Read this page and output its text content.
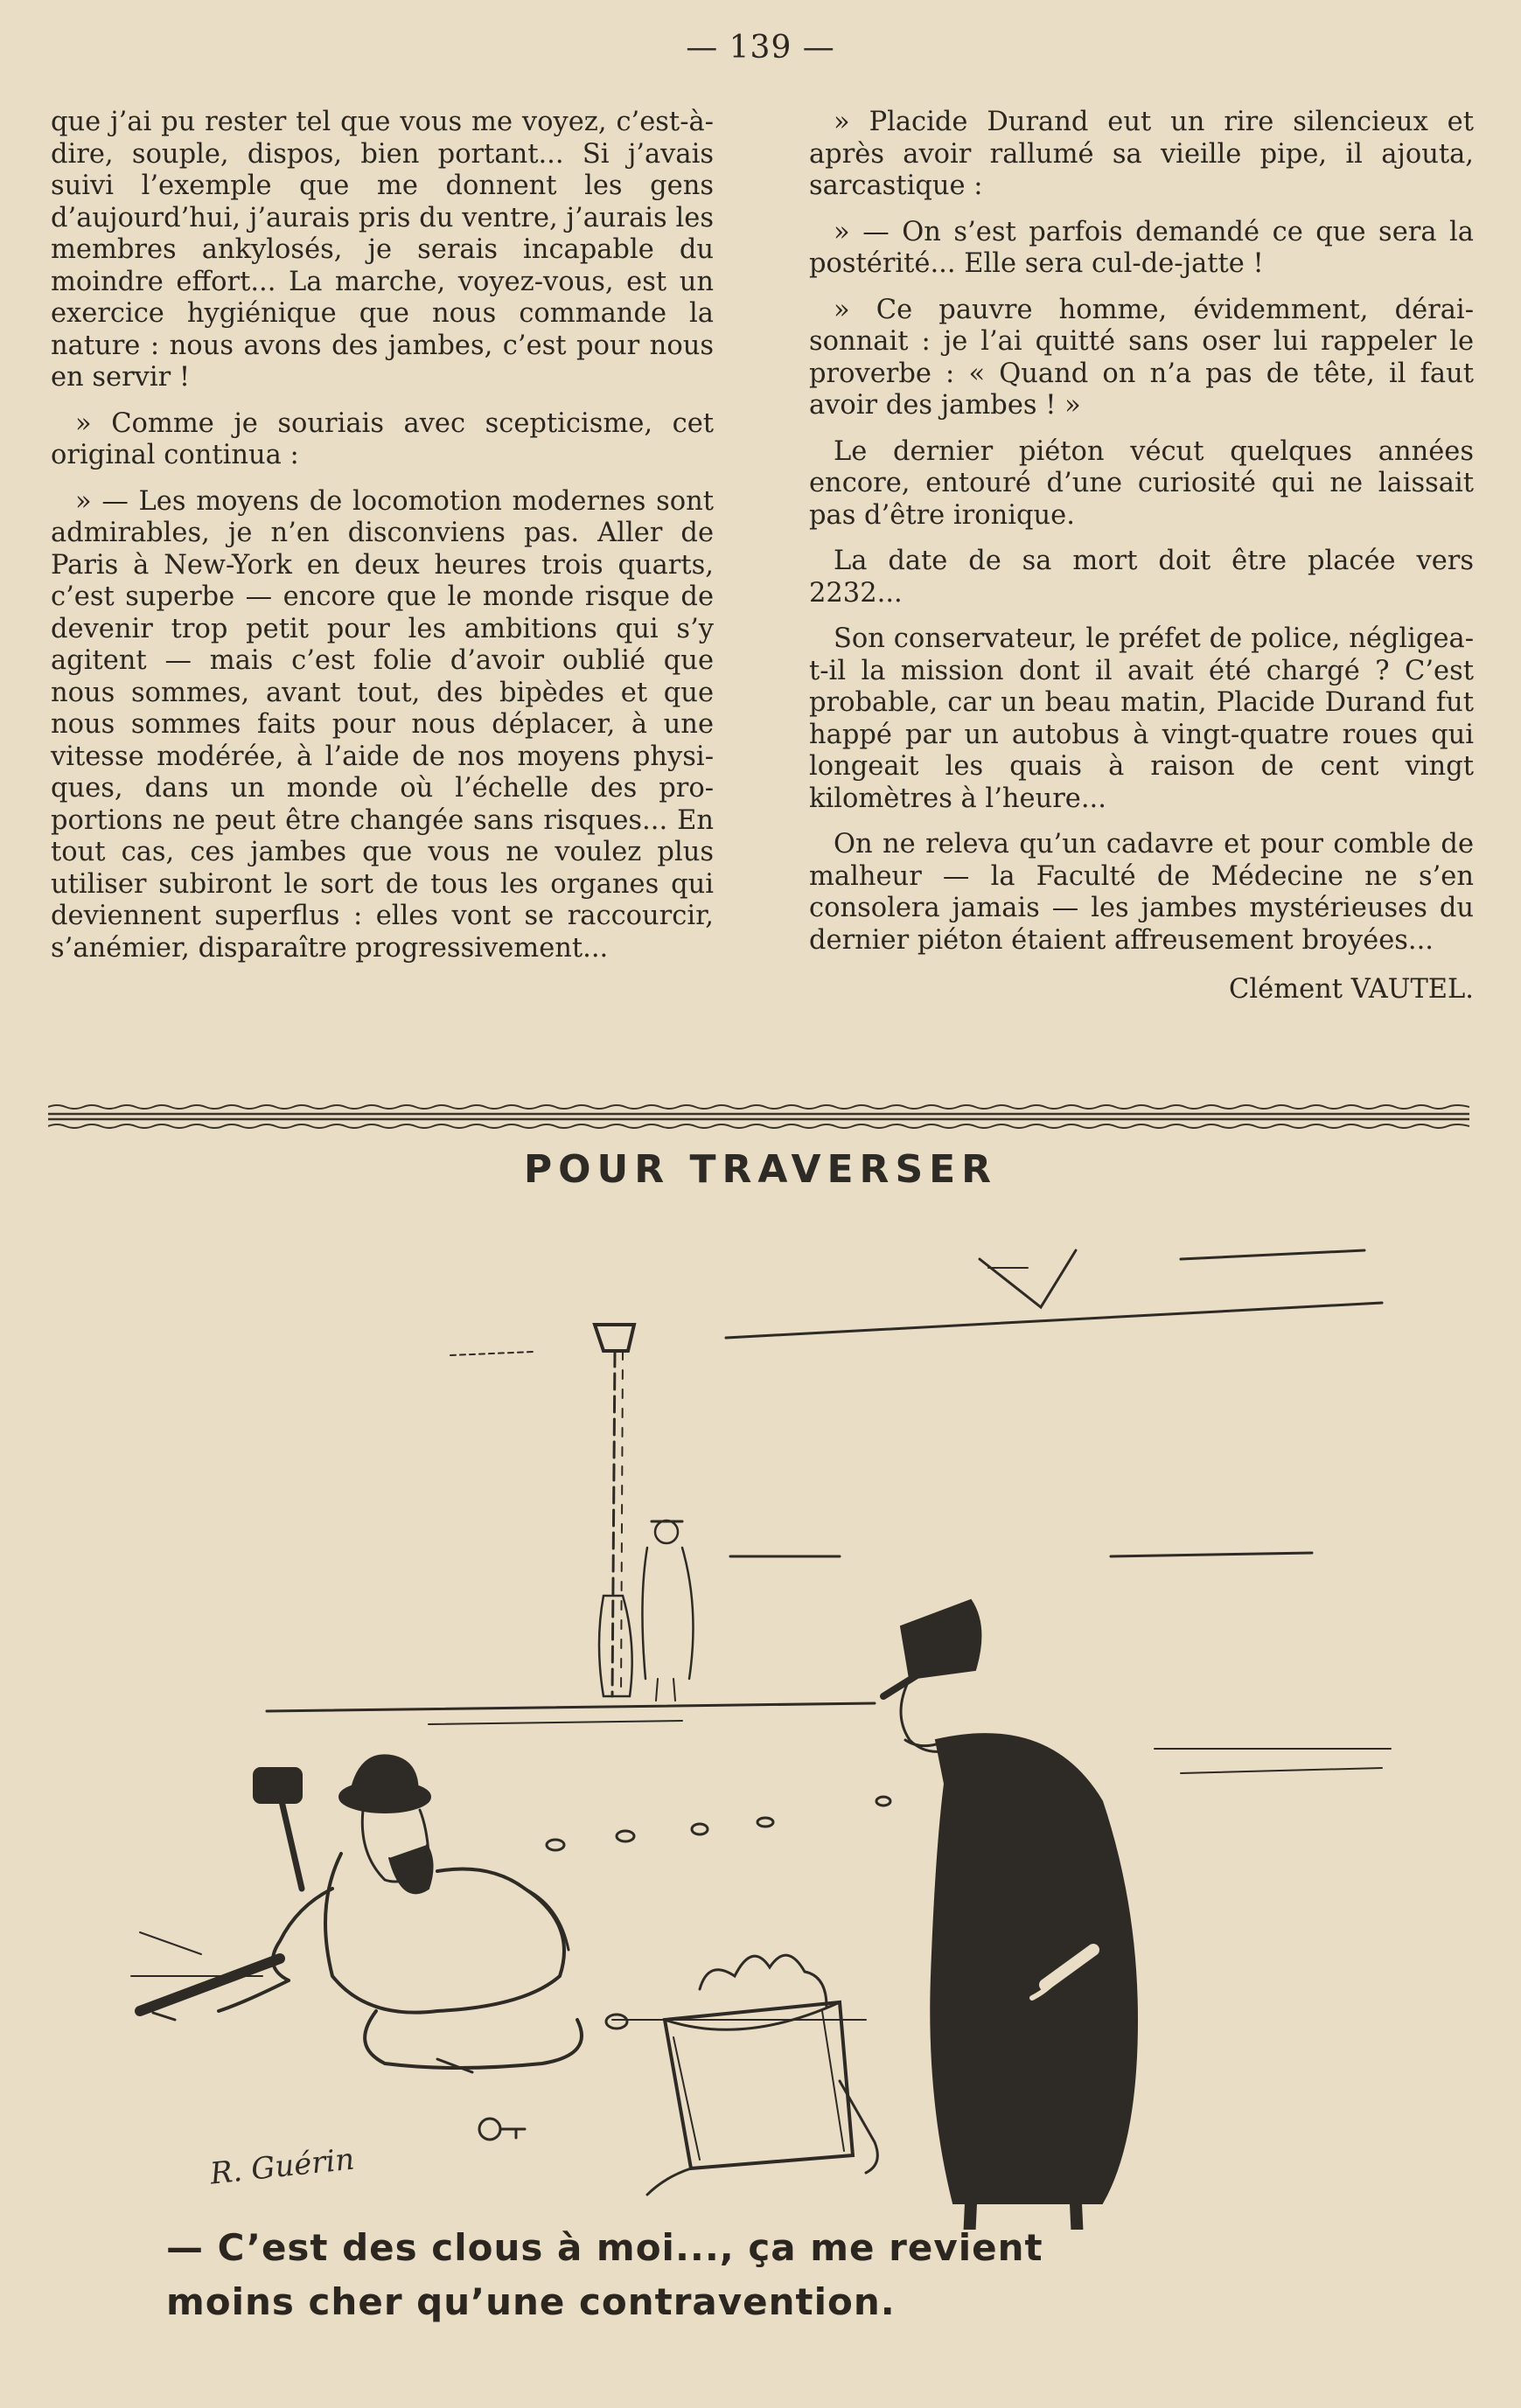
— 139 —

que j’ai pu rester tel que vous me voyez, c’est-à-dire, souple, dispos, bien portant... Si j’avais suivi l’exemple que me donnent les gens d’aujourd’hui, j’aurais pris du ventre, j’aurais les membres ankylosés, je serais incapable du moindre effort... La marche, voyez-vous, est un exercice hygiénique que nous commande la nature : nous avons des jambes, c’est pour nous en servir !

» Comme je souriais avec scepticisme, cet original continua :

» — Les moyens de locomotion modernes sont admirables, je n’en disconviens pas. Aller de Paris à New-York en deux heures trois quarts, c’est superbe — encore que le monde risque de devenir trop petit pour les ambitions qui s’y agitent — mais c’est folie d’avoir oublié que nous sommes, avant tout, des bipèdes et que nous sommes faits pour nous déplacer, à une vitesse modérée, à l’aide de nos moyens physiques, dans un monde où l’échelle des proportions ne peut être changée sans risques... En tout cas, ces jambes que vous ne voulez plus utiliser subiront le sort de tous les organes qui deviennent superflus : elles vont se raccourcir, s’anémier, disparaître progressivement...

» Placide Durand eut un rire silencieux et après avoir rallumé sa vieille pipe, il ajouta, sarcastique :

» — On s’est parfois demandé ce que sera la postérité... Elle sera cul-de-jatte !

» Ce pauvre homme, évidemment, déraisonnait : je l’ai quitté sans oser lui rappeler le proverbe : « Quand on n’a pas de tête, il faut avoir des jambes ! »

Le dernier piéton vécut quelques années encore, entouré d’une curiosité qui ne laissait pas d’être ironique.

La date de sa mort doit être placée vers 2232...

Son conservateur, le préfet de police, négligea-t-il la mission dont il avait été chargé ? C’est probable, car un beau matin, Placide Durand fut happé par un autobus à vingt-quatre roues qui longeait les quais à raison de cent vingt kilomètres à l’heure...

On ne releva qu’un cadavre et pour comble de malheur — la Faculté de Médecine ne s’en consolera jamais — les jambes mystérieuses du dernier piéton étaient affreusement broyées...

Clément VAUTEL.

POUR TRAVERSER
R. Guérin
— C’est des clous à moi..., ça me revient
moins cher qu’une contravention.
